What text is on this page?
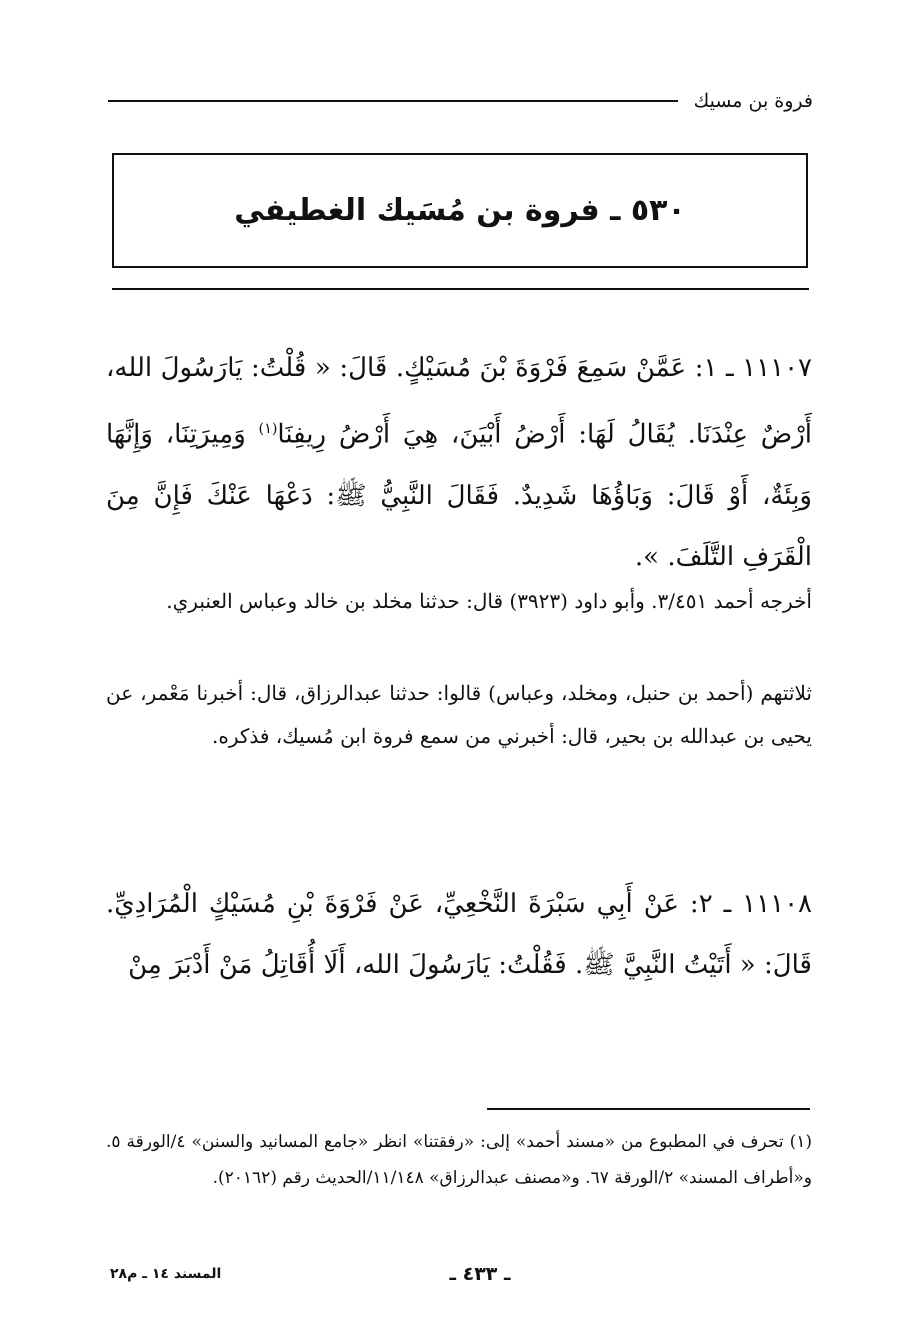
فروة بن مسيك
٥٣٠ ـ فروة بن مُسَيك الغطيفي
١١١٠٧ ـ ١: عَمَّنْ سَمِعَ فَرْوَةَ بْنَ مُسَيْكٍ. قَالَ: « قُلْتُ: يَارَسُولَ الله، أَرْضٌ عِنْدَنَا. يُقَالُ لَهَا: أَرْضُ أَبْيَنَ، هِيَ أَرْضُ رِيفِنَا$^{(١)}$ وَمِيرَتِنَا، وَإِنَّهَا وَبِئَةٌ، أَوْ قَالَ: وَبَاؤُهَا شَدِيدٌ. فَقَالَ النَّبِيُّ ﷺ: دَعْهَا عَنْكَ فَإِنَّ مِنَ الْقَرَفِ التَّلَفَ. ».
أخرجه أحمد ٣/٤٥١. وأبو داود (٣٩٢٣) قال: حدثنا مخلد بن خالد وعباس العنبري.
ثلاثتهم (أحمد بن حنبل، ومخلد، وعباس) قالوا: حدثنا عبدالرزاق، قال: أخبرنا مَعْمر، عن يحيى بن عبدالله بن بحير، قال: أخبرني من سمع فروة ابن مُسيك، فذكره.
١١١٠٨ ـ ٢: عَنْ أَبِي سَبْرَةَ النَّخْعِيِّ، عَنْ فَرْوَةَ بْنِ مُسَيْكٍ الْمُرَادِيِّ. قَالَ: « أَتَيْتُ النَّبِيَّ ﷺ. فَقُلْتُ: يَارَسُولَ الله، أَلَا أُقَاتِلُ مَنْ أَدْبَرَ مِنْ
(١) تحرف في المطبوع من «مسند أحمد» إلى: «رفقتنا» انظر «جامع المسانيد والسنن» ٤/الورقة ٥. و«أطراف المسند» ٢/الورقة ٦٧. و«مصنف عبدالرزاق» ١١/١٤٨/الحديث رقم (٢٠١٦٢).
ـ ٤٣٣ ـ
المسند ١٤ ـ م٢٨
